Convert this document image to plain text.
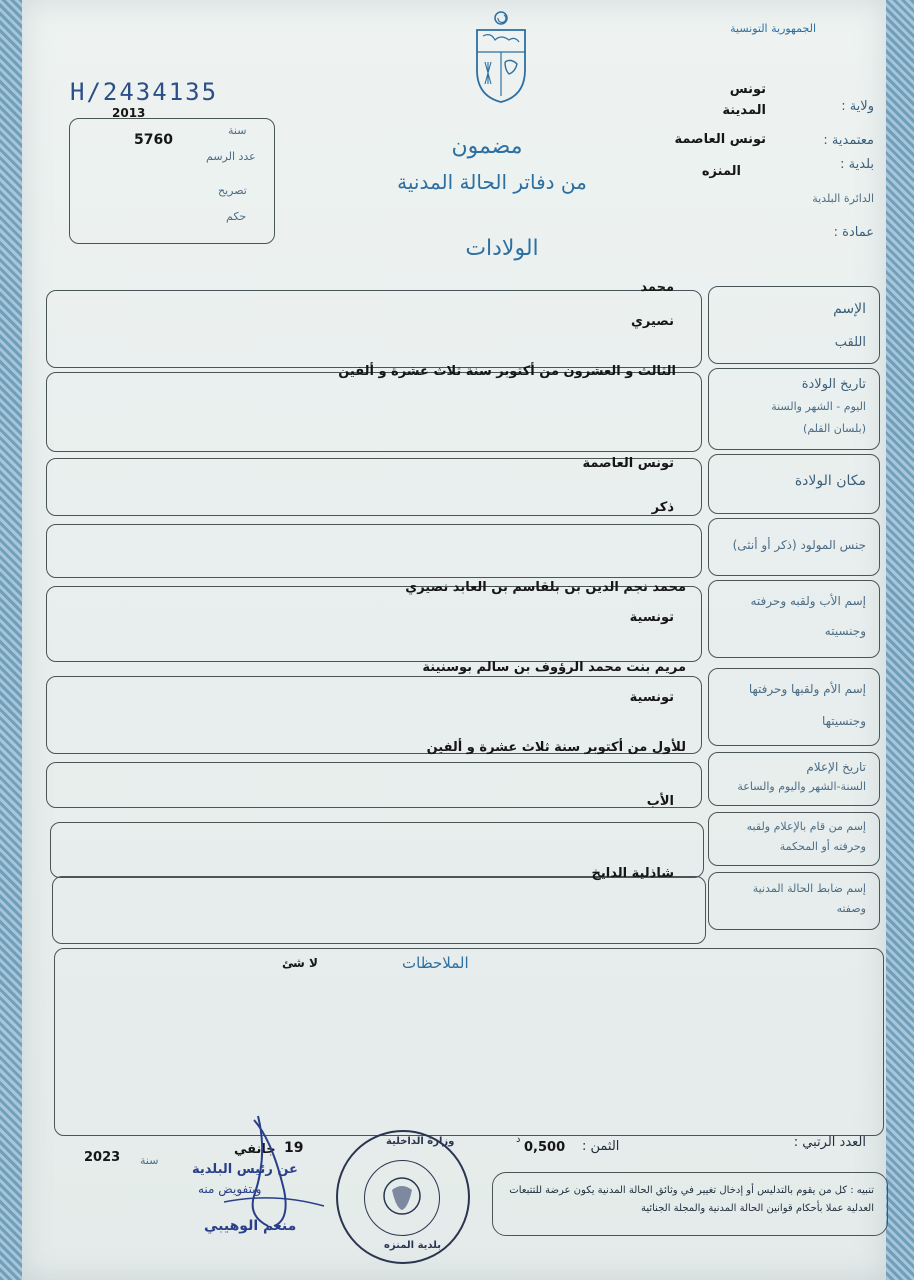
الجمهورية التونسية
H/2434135
ولاية :
تونس
المدينة
معتمدية :
تونس العاصمة
بلدية :
المنزه
الدائرة البلدية
عمادة :
2013
سنة
5760
عدد الرسم
تصريح
حكم
مضمون
من دفاتر الحالة المدنية
الولادات
الإسم
اللقب
محمد
نصيري
تاريخ الولادة
اليوم - الشهر والسنة
(بلسان القلم)
الثالث و العشرون من أكتوبر سنة ثلاث عشرة و ألفين
مكان الولادة
تونس العاصمة
جنس المولود (ذكر أو أنثى)
ذكر
إسم الأب ولقبه وحرفته
وجنسيته
محمد نجم الدين بن بلقاسم بن العابد نصيري
تونسية
إسم الأم ولقبها وحرفتها
وجنسيتها
مريم بنت محمد الرؤوف بن سالم بوسنينة
تونسية
تاريخ الإعلام
السنة-الشهر واليوم والساعة
للأول من أكتوبر سنة ثلاث عشرة و ألفين
إسم من قام بالإعلام ولقبه
وحرفته أو المحكمة
الأب
إسم ضابط الحالة المدنية
وصفته
شاذلية الدايخ
الملاحظات
لا شئ
العدد الرتبي :
الثمن :
0,500
د
2023 سنة
19
جانفي
عن رئيس البلدية
وبتفويض منه
منعم الوهيبي
وزارة الداخلية
بلدية المنزه
تنبيه : كل من يقوم بالتدليس أو إدخال تغيير في وثائق الحالة المدنية يكون عرضة للتتبعات العدلية عملا بأحكام قوانين الحالة المدنية والمجلة الجنائية
